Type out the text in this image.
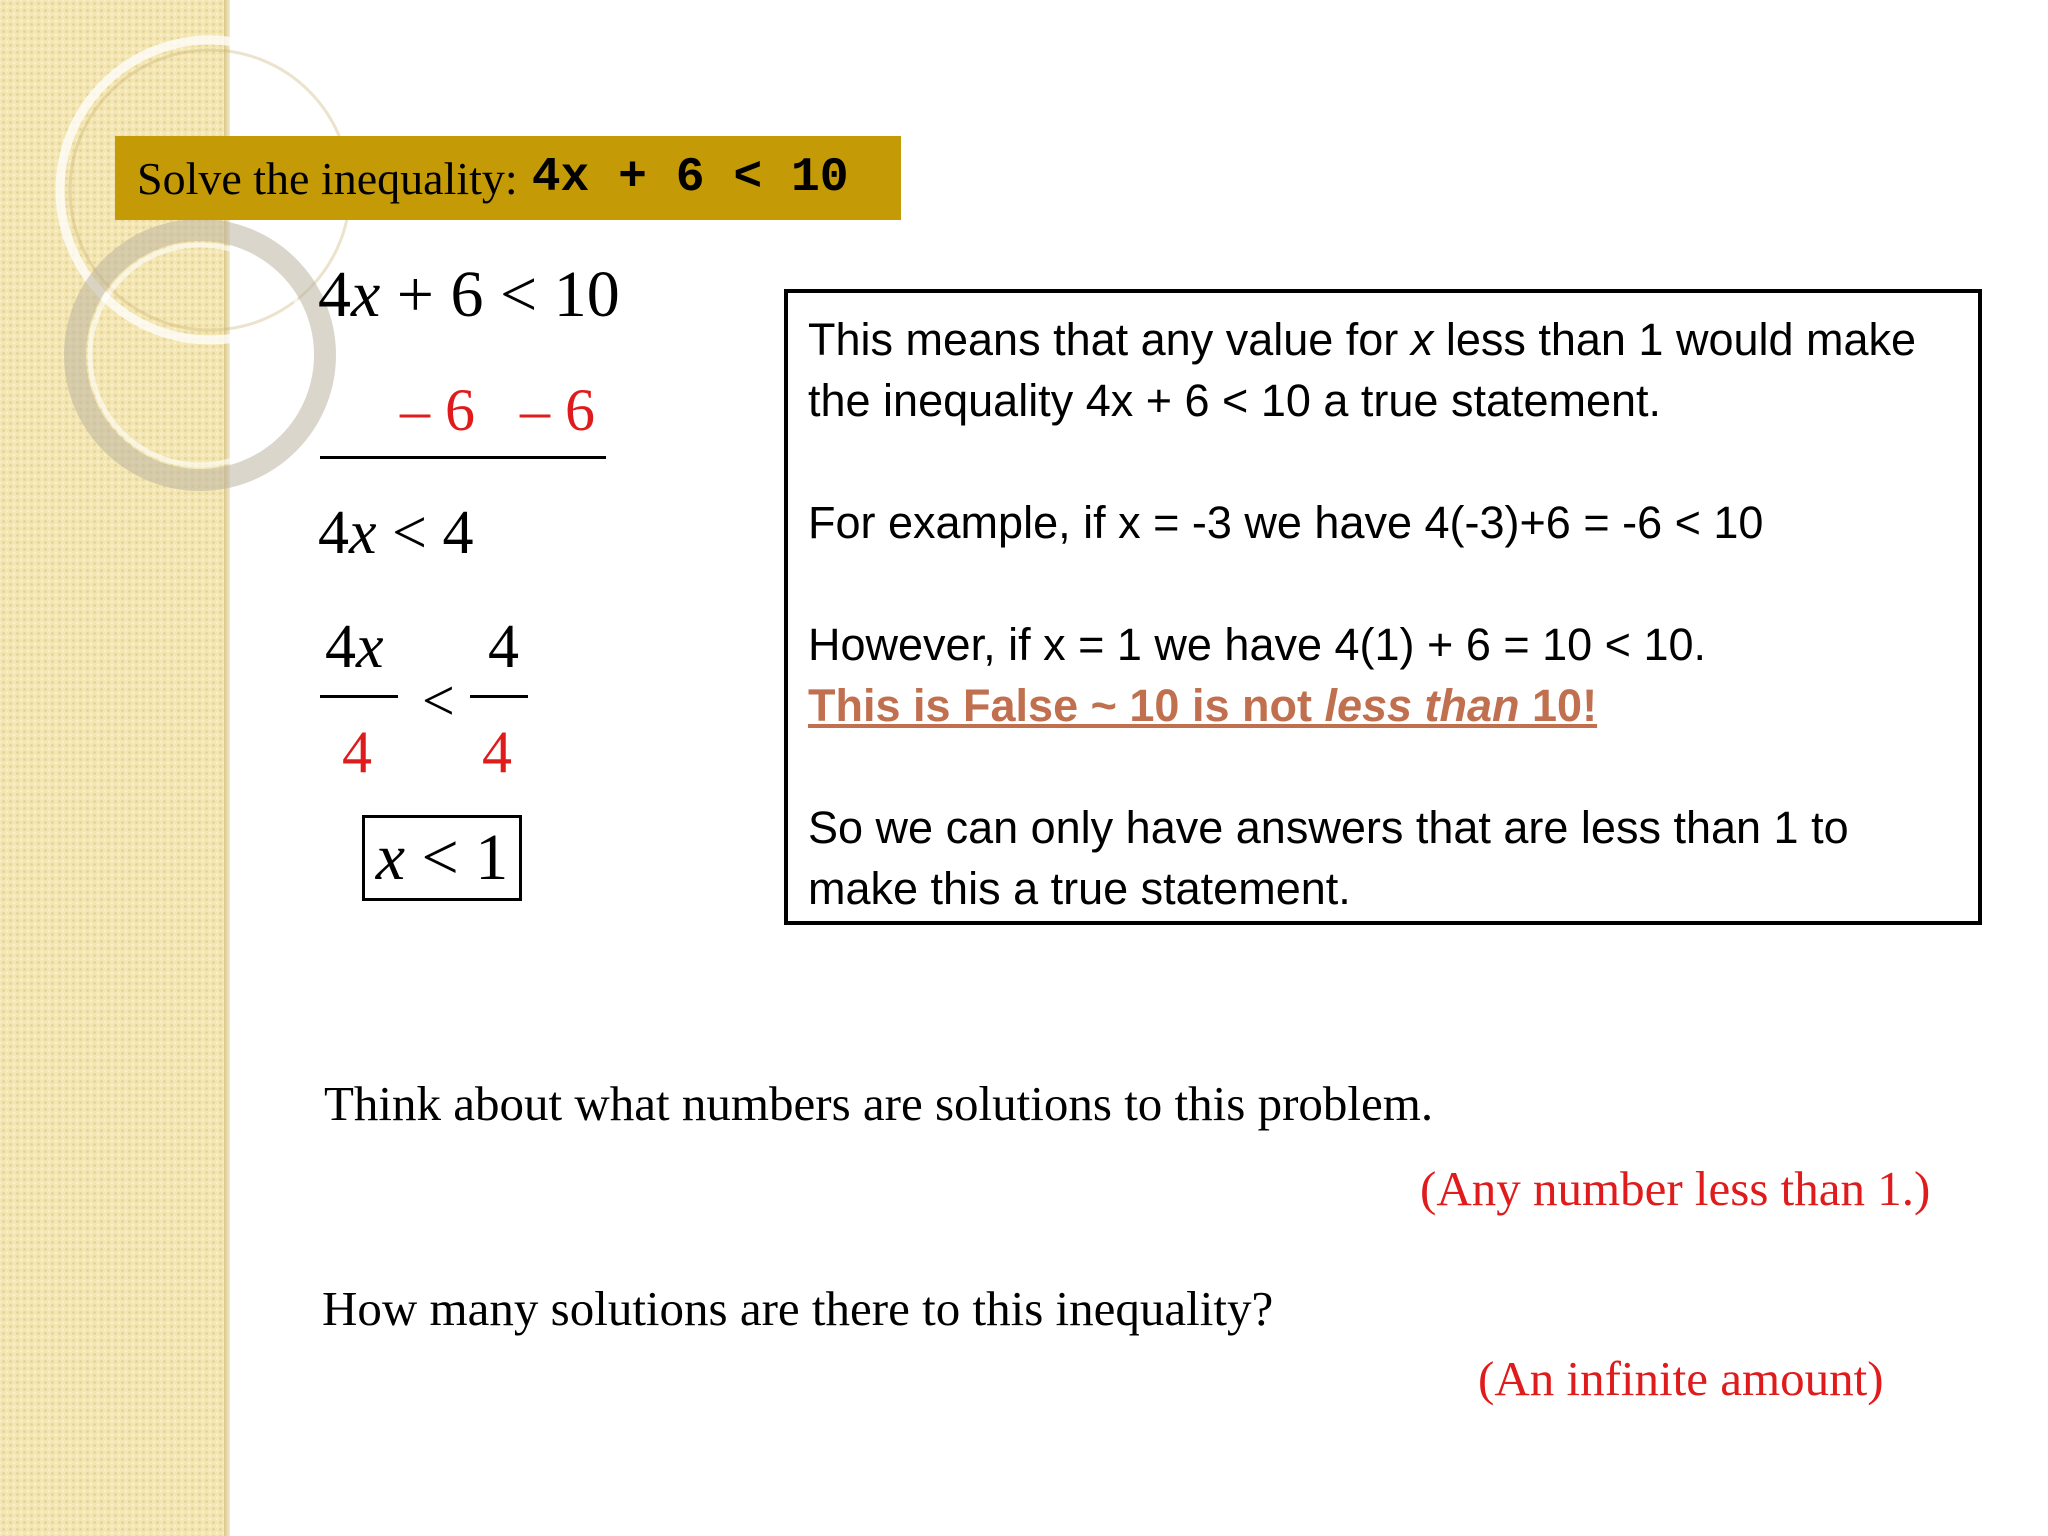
Solve the inequality: 4x + 6 < 10
4x + 6 < 10
– 6   – 6
4x < 4
4x 4
<
4 4
x < 1

This means that any value for x less than 1 would make the inequality 4x + 6 < 10 a true statement.

For example, if x = -3 we have 4(-3)+6 = -6 < 10

However, if x = 1 we have 4(1) + 6 = 10 < 10.

This is False ~ 10 is not less than 10!

So we can only have answers that are less than 1 to make this a true statement.

Think about what numbers are solutions to this problem.
(Any number less than 1.)
How many solutions are there to this inequality?
(An infinite amount)
